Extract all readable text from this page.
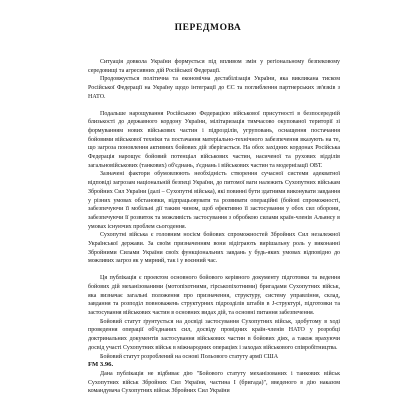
ПЕРЕДМОВА

Ситуація довкола України формується під впливом змін у регіональному безпековому середовищі та агресивних дій Російської Федерації.

Продовжується політична та економічна дестабілізація України, яка викликана тиском Російської Федерації на Україну щодо інтеграції до ЄС та поглиблення партнерських зв'язків з НАТО.

Подальше нарощування Російською Федерацією військової присутності в безпосередній близькості до державного кордону України, мілітаризація тимчасово окупованої території зі формуванням нових військових частин і підрозділів, угруповань, оснащення постачання бойовими військової техніки та постачання матеріально-технічного забезпечення вказують на те, що загроза поновлення активних бойових дій зберігається. На обох західних кордонах Російська Федерація нарощує бойовий потенціал військових частин, насиченої та рухових відділів загальновійськових (танкових) об'єднань, з'єднань і військових частин та модернізації ОВТ.

Зазначені фактори обумовлюють необхідність створення сучасної системи адекватної відповіді загрозам національній безпеці України, до питомої ваги належить Сухопутних військам Збройних Сил України (далі – Сухопутні війська), які повинні бути здатними виконувати завдання у різних умовах обстановки, відпрацьовувати та розвивати операційні (бойові спроможності, забезпечуючи її мобільні дії таким чином, щоб ефективно її застосування у обох сил оборони, забезпечуючи її розвиток та можливість застосування з обробкою силами країн-членів Альянсу в умовах існуючих проблем сьогодення.

Сухопутні війська є головним носієм бойових спроможностей Збройних Сил незалежної Української держави. За своїм призначенням вони відіграють вирішальну роль у виконанні Збройними Силами України своїх функціональних завдань у будь-яких умовах відповідно до можливих загроз як у мирний, так і у воєнний час.

Ця публікація є проектом основного бойового керівного документу підготовки та ведення бойових дій механізованими (мотопіхотними, гірськопіхотними) бригадами Сухопутних військ, яка визначає загальні положення про призначення, структуру, систему управління, склад, завдання та розподіл повноважень структурних підрозділів штабів в J-структурі, підготовки та застосування військових частин в основних видах дій, та основні питання забезпечення.

Бойовий статут ґрунтується на досвіді застосування Сухопутних військ, здобутому в ході проведення операції об'єднаних сил, досвіду провідних країн-членів НАТО у розробці доктринальних документів застосування військових частин в бойових діях, а також врахуючи досвід участі Сухопутних військ в міжнародних операціях і заходах військового співробітництва.

Бойовий статут розроблений на основі Польового статуту армії США

FM 3.96.

Дана публікація не відбиває дію "Бойового статуту механізованих і танкових військ Сухопутних військ Збройних Сил України, частина I (бригада)", введеного в дію наказом командувача Сухопутних військ Збройних Сил України
